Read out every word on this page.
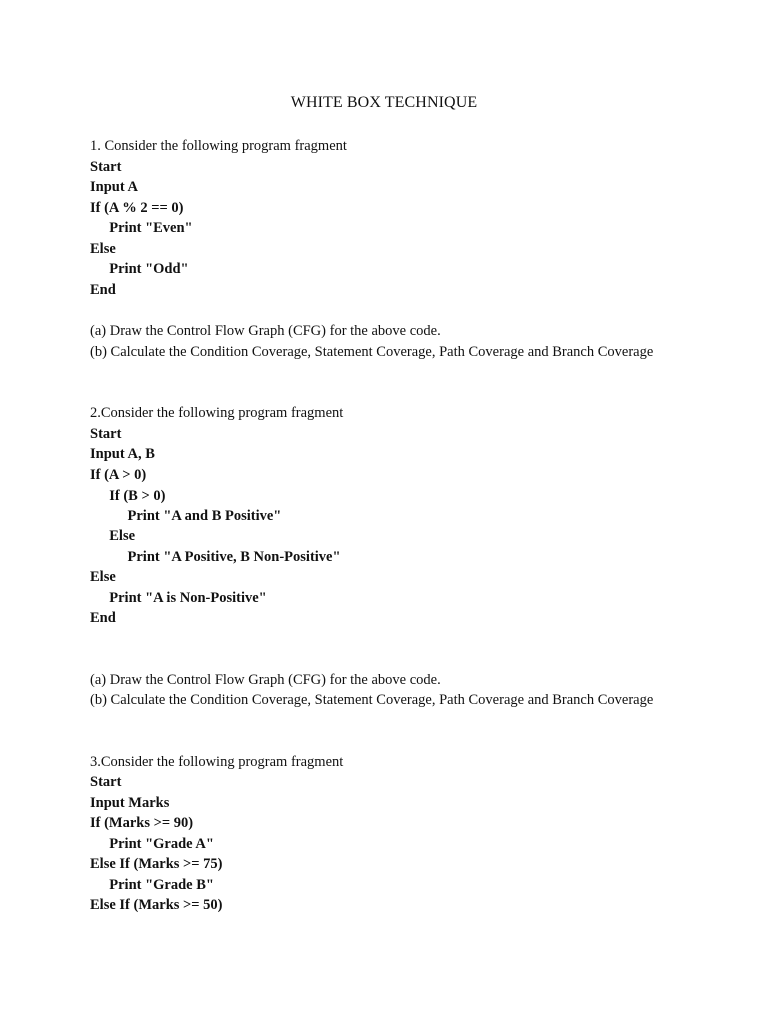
WHITE BOX TECHNIQUE
1. Consider the following program fragment
Start
Input A
If (A % 2 == 0)
Print "Even"
Else
Print "Odd"
End
(a) Draw the Control Flow Graph (CFG) for the above code.
(b) Calculate the Condition Coverage, Statement Coverage, Path Coverage and Branch Coverage
2.Consider the following program fragment
Start
Input A, B
If (A > 0)
If (B > 0)
Print "A and B Positive"
Else
Print "A Positive, B Non-Positive"
Else
Print "A is Non-Positive"
End
(a) Draw the Control Flow Graph (CFG) for the above code.
(b) Calculate the Condition Coverage, Statement Coverage, Path Coverage and Branch Coverage
3.Consider the following program fragment
Start
Input Marks
If (Marks >= 90)
Print "Grade A"
Else If (Marks >= 75)
Print "Grade B"
Else If (Marks >= 50)
